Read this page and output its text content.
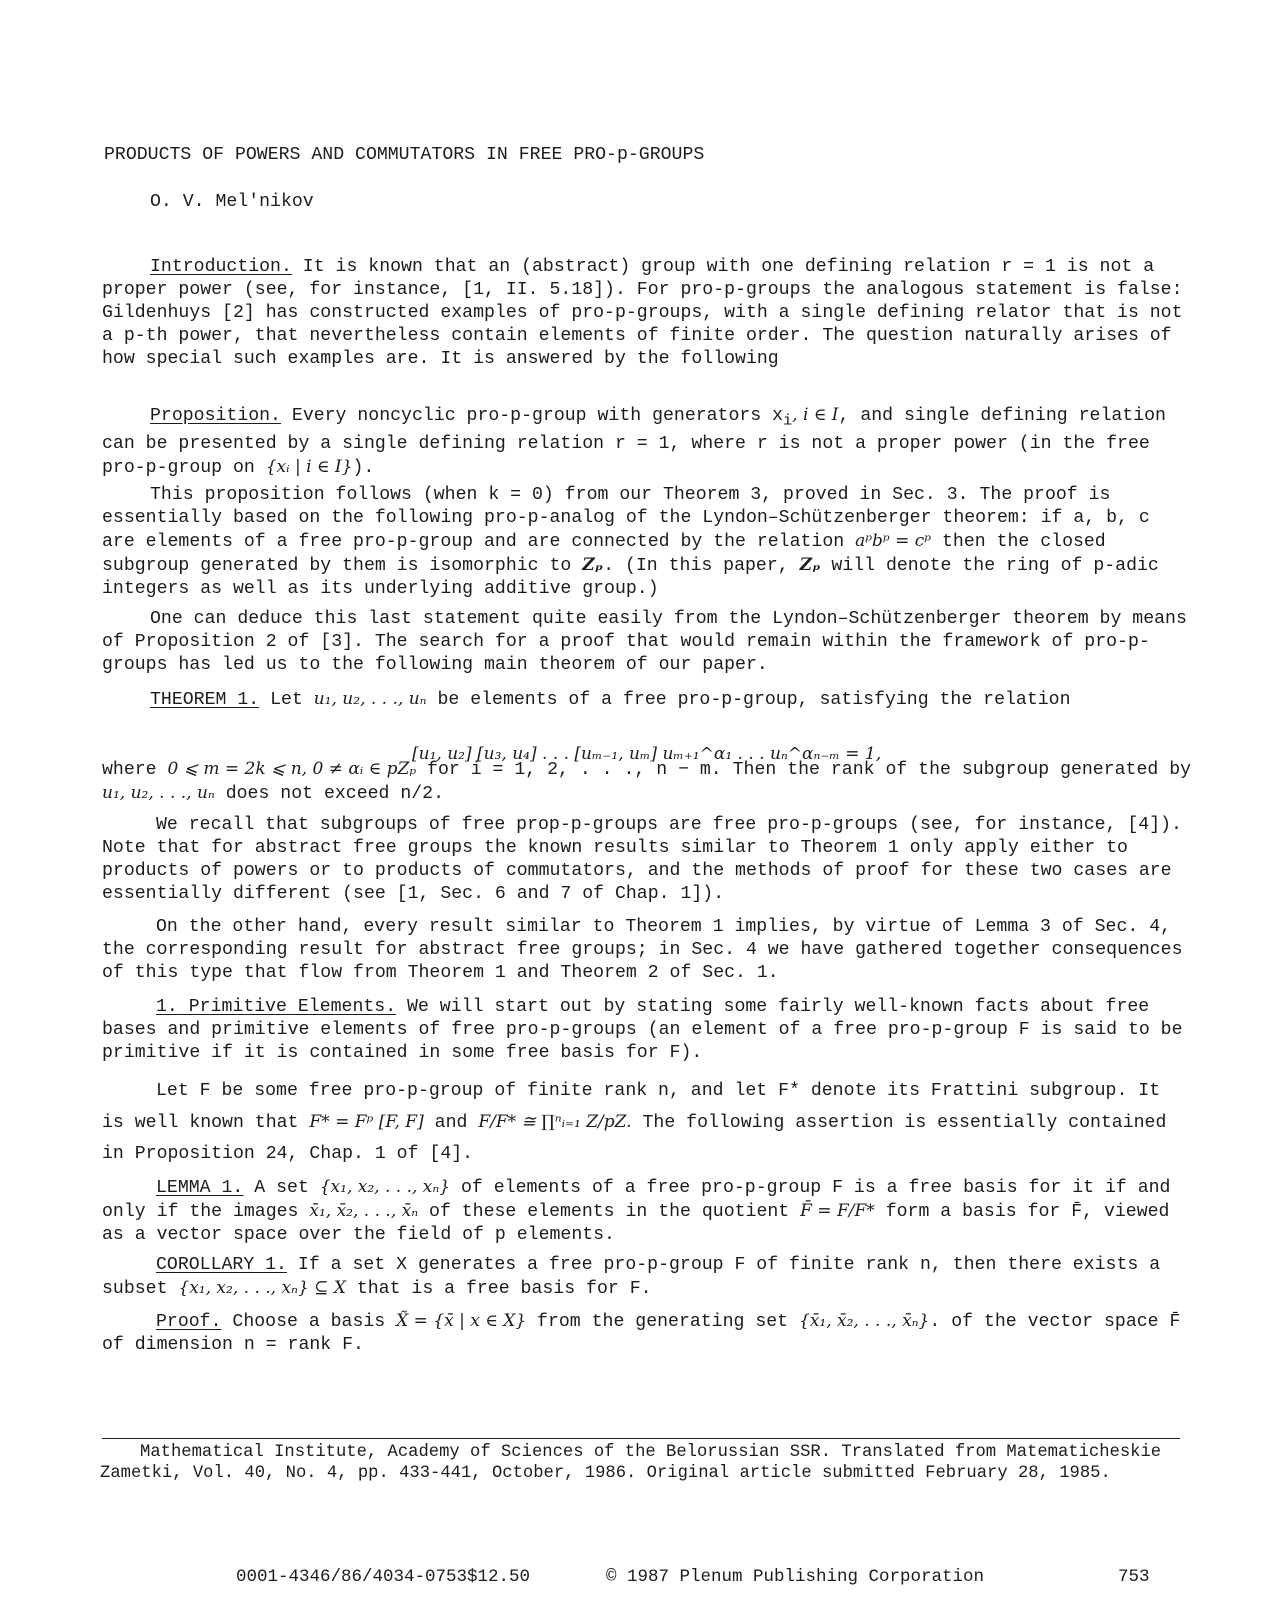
PRODUCTS OF POWERS AND COMMUTATORS IN FREE PRO-p-GROUPS
O. V. Mel'nikov

Introduction. It is known that an (abstract) group with one defining relation r = 1 is not a proper power (see, for instance, [1, II. 5.18]). For pro-p-groups the analogous statement is false: Gildenhuys [2] has constructed examples of pro-p-groups, with a single defining relator that is not a p-th power, that nevertheless contain elements of finite order. The question naturally arises of how special such examples are. It is answered by the following

Proposition. Every noncyclic pro-p-group with generators $x_i$, i ∈ I, and single defining relation can be presented by a single defining relation r = 1, where r is not a proper power (in the free pro-p-group on {xᵢ | i ∈ I}).

This proposition follows (when k = 0) from our Theorem 3, proved in Sec. 3. The proof is essentially based on the following pro-p-analog of the Lyndon–Schützenberger theorem: if a, b, c are elements of a free pro-p-group and are connected by the relation aᵖbᵖ = cᵖ then the closed subgroup generated by them is isomorphic to Zₚ. (In this paper, Zₚ will denote the ring of p-adic integers as well as its underlying additive group.)

One can deduce this last statement quite easily from the Lyndon–Schützenberger theorem by means of Proposition 2 of [3]. The search for a proof that would remain within the framework of pro-p-groups has led us to the following main theorem of our paper.

THEOREM 1. Let u₁, u₂, . . ., uₙ be elements of a free pro-p-group, satisfying the relation

[u₁, u₂] [u₃, u₄] . . . [uₘ₋₁, uₘ] uₘ₊₁^α₁ . . . uₙ^αₙ₋ₘ = 1,

where 0 ⩽ m = 2k ⩽ n, 0 ≠ αᵢ ∈ pZₚ for i = 1, 2, . . ., n − m. Then the rank of the subgroup generated by u₁, u₂, . . ., uₙ does not exceed n/2.

We recall that subgroups of free prop-p-groups are free pro-p-groups (see, for instance, [4]). Note that for abstract free groups the known results similar to Theorem 1 only apply either to products of powers or to products of commutators, and the methods of proof for these two cases are essentially different (see [1, Sec. 6 and 7 of Chap. 1]).

On the other hand, every result similar to Theorem 1 implies, by virtue of Lemma 3 of Sec. 4, the corresponding result for abstract free groups; in Sec. 4 we have gathered together consequences of this type that flow from Theorem 1 and Theorem 2 of Sec. 1.

1. Primitive Elements. We will start out by stating some fairly well-known facts about free bases and primitive elements of free pro-p-groups (an element of a free pro-p-group F is said to be primitive if it is contained in some free basis for F).

Let F be some free pro-p-group of finite rank n, and let F* denote its Frattini subgroup. It is well known that F* = Fᵖ [F, F] and F/F* ≅ ∏ⁿᵢ₌₁ Z/pZ. The following assertion is essentially contained in Proposition 24, Chap. 1 of [4].

LEMMA 1. A set {x₁, x₂, . . ., xₙ} of elements of a free pro-p-group F is a free basis for it if and only if the images x̄₁, x̄₂, . . ., x̄ₙ of these elements in the quotient F̄ = F/F* form a basis for F̄, viewed as a vector space over the field of p elements.

COROLLARY 1. If a set X generates a free pro-p-group F of finite rank n, then there exists a subset {x₁, x₂, . . ., xₙ} ⊆ X that is a free basis for F.

Proof. Choose a basis X̃ = {x̄ | x ∈ X} from the generating set {x̄₁, x̄₂, . . ., x̄ₙ}. of the vector space F̄ of dimension n = rank F.

Mathematical Institute, Academy of Sciences of the Belorussian SSR. Translated from Matematicheskie Zametki, Vol. 40, No. 4, pp. 433-441, October, 1986. Original article submitted February 28, 1985.

0001-4346/86/4034-0753$12.50	© 1987 Plenum Publishing Corporation	753
